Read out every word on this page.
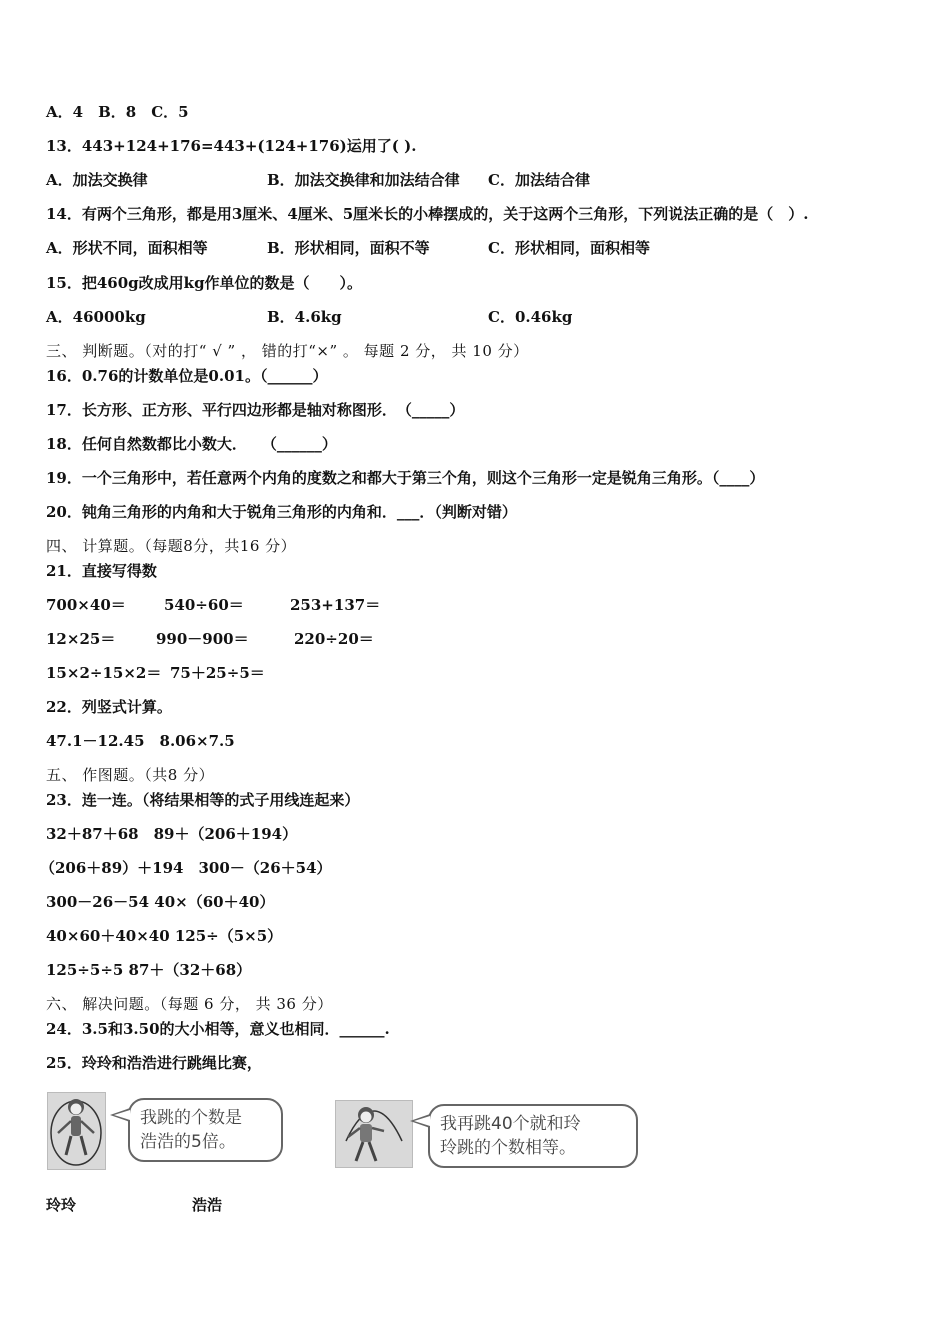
A．4　B．8　C．5
13．443+124+176=443+(124+176)运用了( ).
A．加法交换律	B．加法交换律和加法结合律 C．加法结合律
14．有两个三角形，都是用3厘米、4厘米、5厘米长的小棒摆成的，关于这两个三角形，下列说法正确的是（　）.
A．形状不同，面积相等	B．形状相同，面积不等	C．形状相同，面积相等
15．把460g改成用kg作单位的数是（　　）。
A．46000kg	B．4.6kg	C．0.46kg
三、 判断题。（对的打“ √ ” ， 错的打“×” 。 每题 2 分， 共 10 分）
16．0.76的计数单位是0.01。（______）
17．长方形、正方形、平行四边形都是轴对称图形．　（_____）
18．任何自然数都比小数大．　　（______）
19．一个三角形中，若任意两个内角的度数之和都大于第三个角，则这个三角形一定是锐角三角形。（____）
20．钝角三角形的内角和大于锐角三角形的内角和．___．（判断对错）
四、 计算题。（每题8分，共16 分）
21．直接写得数
700×40＝	540÷60＝	253+137＝
12×25＝	990－900＝	220÷20＝
15×2÷15×2＝ 75＋25÷5＝
22．列竖式计算。
47.1－12.45　8.06×7.5
五、 作图题。（共8 分）
23．连一连。（将结果相等的式子用线连起来）
32＋87＋68　89＋（206＋194）
（206＋89）＋194　300－（26＋54）
300－26－54 40×（60＋40）
40×60＋40×40 125÷（5×5）
125÷5÷5 87＋（32＋68）
六、 解决问题。（每题 6 分， 共 36 分）
24．3.5和3.50的大小相等，意义也相同．______.
25．玲玲和浩浩进行跳绳比赛，
我跳的个数是
浩浩的5倍。
我再跳40个就和玲
玲跳的个数相等。
玲玲	浩浩
